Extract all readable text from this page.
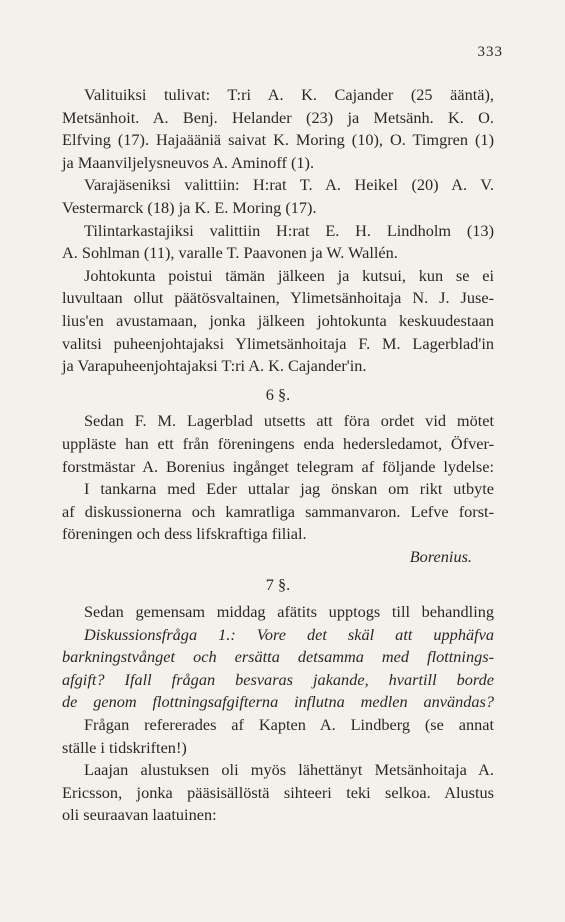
333
Valituiksi tulivat: T:ri A. K. Cajander (25 ääntä),
Metsänhoit. A. Benj. Helander (23) ja Metsänh. K. O.
Elfving (17). Hajaääniä saivat K. Moring (10), O. Timgren (1)
ja Maanviljelysneuvos A. Aminoff (1).
Varajäseniksi valittiin: H:rat T. A. Heikel (20) A. V.
Vestermarck (18) ja K. E. Moring (17).
Tilintarkastajiksi valittiin H:rat E. H. Lindholm (13)
A. Sohlman (11), varalle T. Paavonen ja W. Wallén.
Johtokunta poistui tämän jälkeen ja kutsui, kun se ei
luvultaan ollut päätösvaltainen, Ylimetsänhoitaja N. J. Juse-
lius'en avustamaan, jonka jälkeen johtokunta keskuudestaan
valitsi puheenjohtajaksi Ylimetsänhoitaja F. M. Lagerblad'in
ja Varapuheenjohtajaksi T:ri A. K. Cajander'in.
6 §.
Sedan F. M. Lagerblad utsetts att föra ordet vid mötet
uppläste han ett från föreningens enda hedersledamot, Öfver-
forstmästar A. Borenius ingånget telegram af följande lydelse:
I tankarna med Eder uttalar jag önskan om rikt utbyte
af diskussionerna och kamratliga sammanvaron. Lefve forst-
föreningen och dess lifskraftiga filial.
Borenius.
7 §.
Sedan gemensam middag afätits upptogs till behandling
Diskussionsfråga 1.: Vore det skäl att upphäfva
barkningstvånget och ersätta detsamma med flottnings-
afgift? Ifall frågan besvaras jakande, hvartill borde
de genom flottningsafgifterna influtna medlen användas?
Frågan refererades af Kapten A. Lindberg (se annat
ställe i tidskriften!)
Laajan alustuksen oli myös lähettänyt Metsänhoitaja A.
Ericsson, jonka pääsisällöstä sihteeri teki selkoa. Alustus
oli seuraavan laatuinen:
